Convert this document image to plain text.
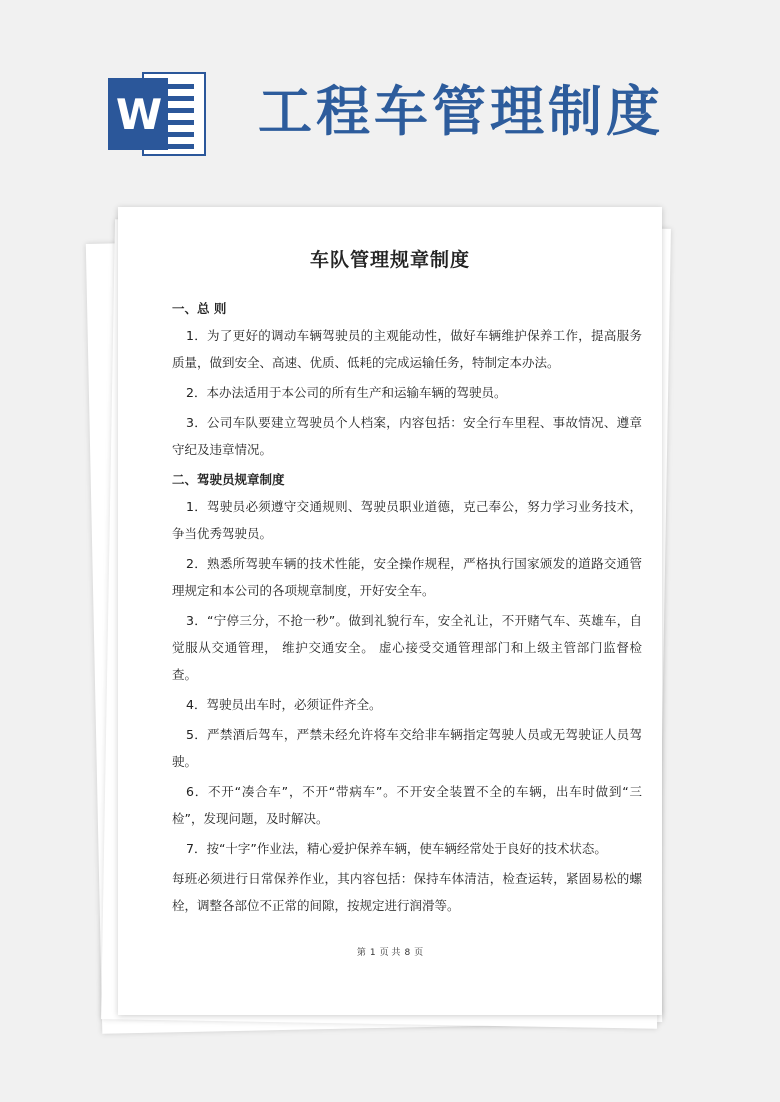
W 工程车管理制度
车队管理规章制度

一、总 则

1．为了更好的调动车辆驾驶员的主观能动性，做好车辆维护保养工作，提高服务质量，做到安全、高速、优质、低耗的完成运输任务，特制定本办法。

2．本办法适用于本公司的所有生产和运输车辆的驾驶员。

3．公司车队要建立驾驶员个人档案，内容包括：安全行车里程、事故情况、遵章守纪及违章情况。

二、驾驶员规章制度

1．驾驶员必须遵守交通规则、驾驶员职业道德，克己奉公，努力学习业务技术，争当优秀驾驶员。

2．熟悉所驾驶车辆的技术性能，安全操作规程，严格执行国家颁发的道路交通管理规定和本公司的各项规章制度，开好安全车。

3．“宁停三分，不抢一秒”。做到礼貌行车，安全礼让，不开赌气车、英雄车，自觉服从交通管理， 维护交通安全。 虚心接受交通管理部门和上级主管部门监督检查。

4．驾驶员出车时，必须证件齐全。

5．严禁酒后驾车，严禁未经允许将车交给非车辆指定驾驶人员或无驾驶证人员驾驶。

6．不开“凑合车”，不开“带病车”。不开安全装置不全的车辆，出车时做到“三检”，发现问题，及时解决。

7．按“十字”作业法，精心爱护保养车辆，使车辆经常处于良好的技术状态。

每班必须进行日常保养作业，其内容包括：保持车体清洁，检查运转，紧固易松的螺栓，调整各部位不正常的间隙，按规定进行润滑等。

第 1 页 共 8 页
